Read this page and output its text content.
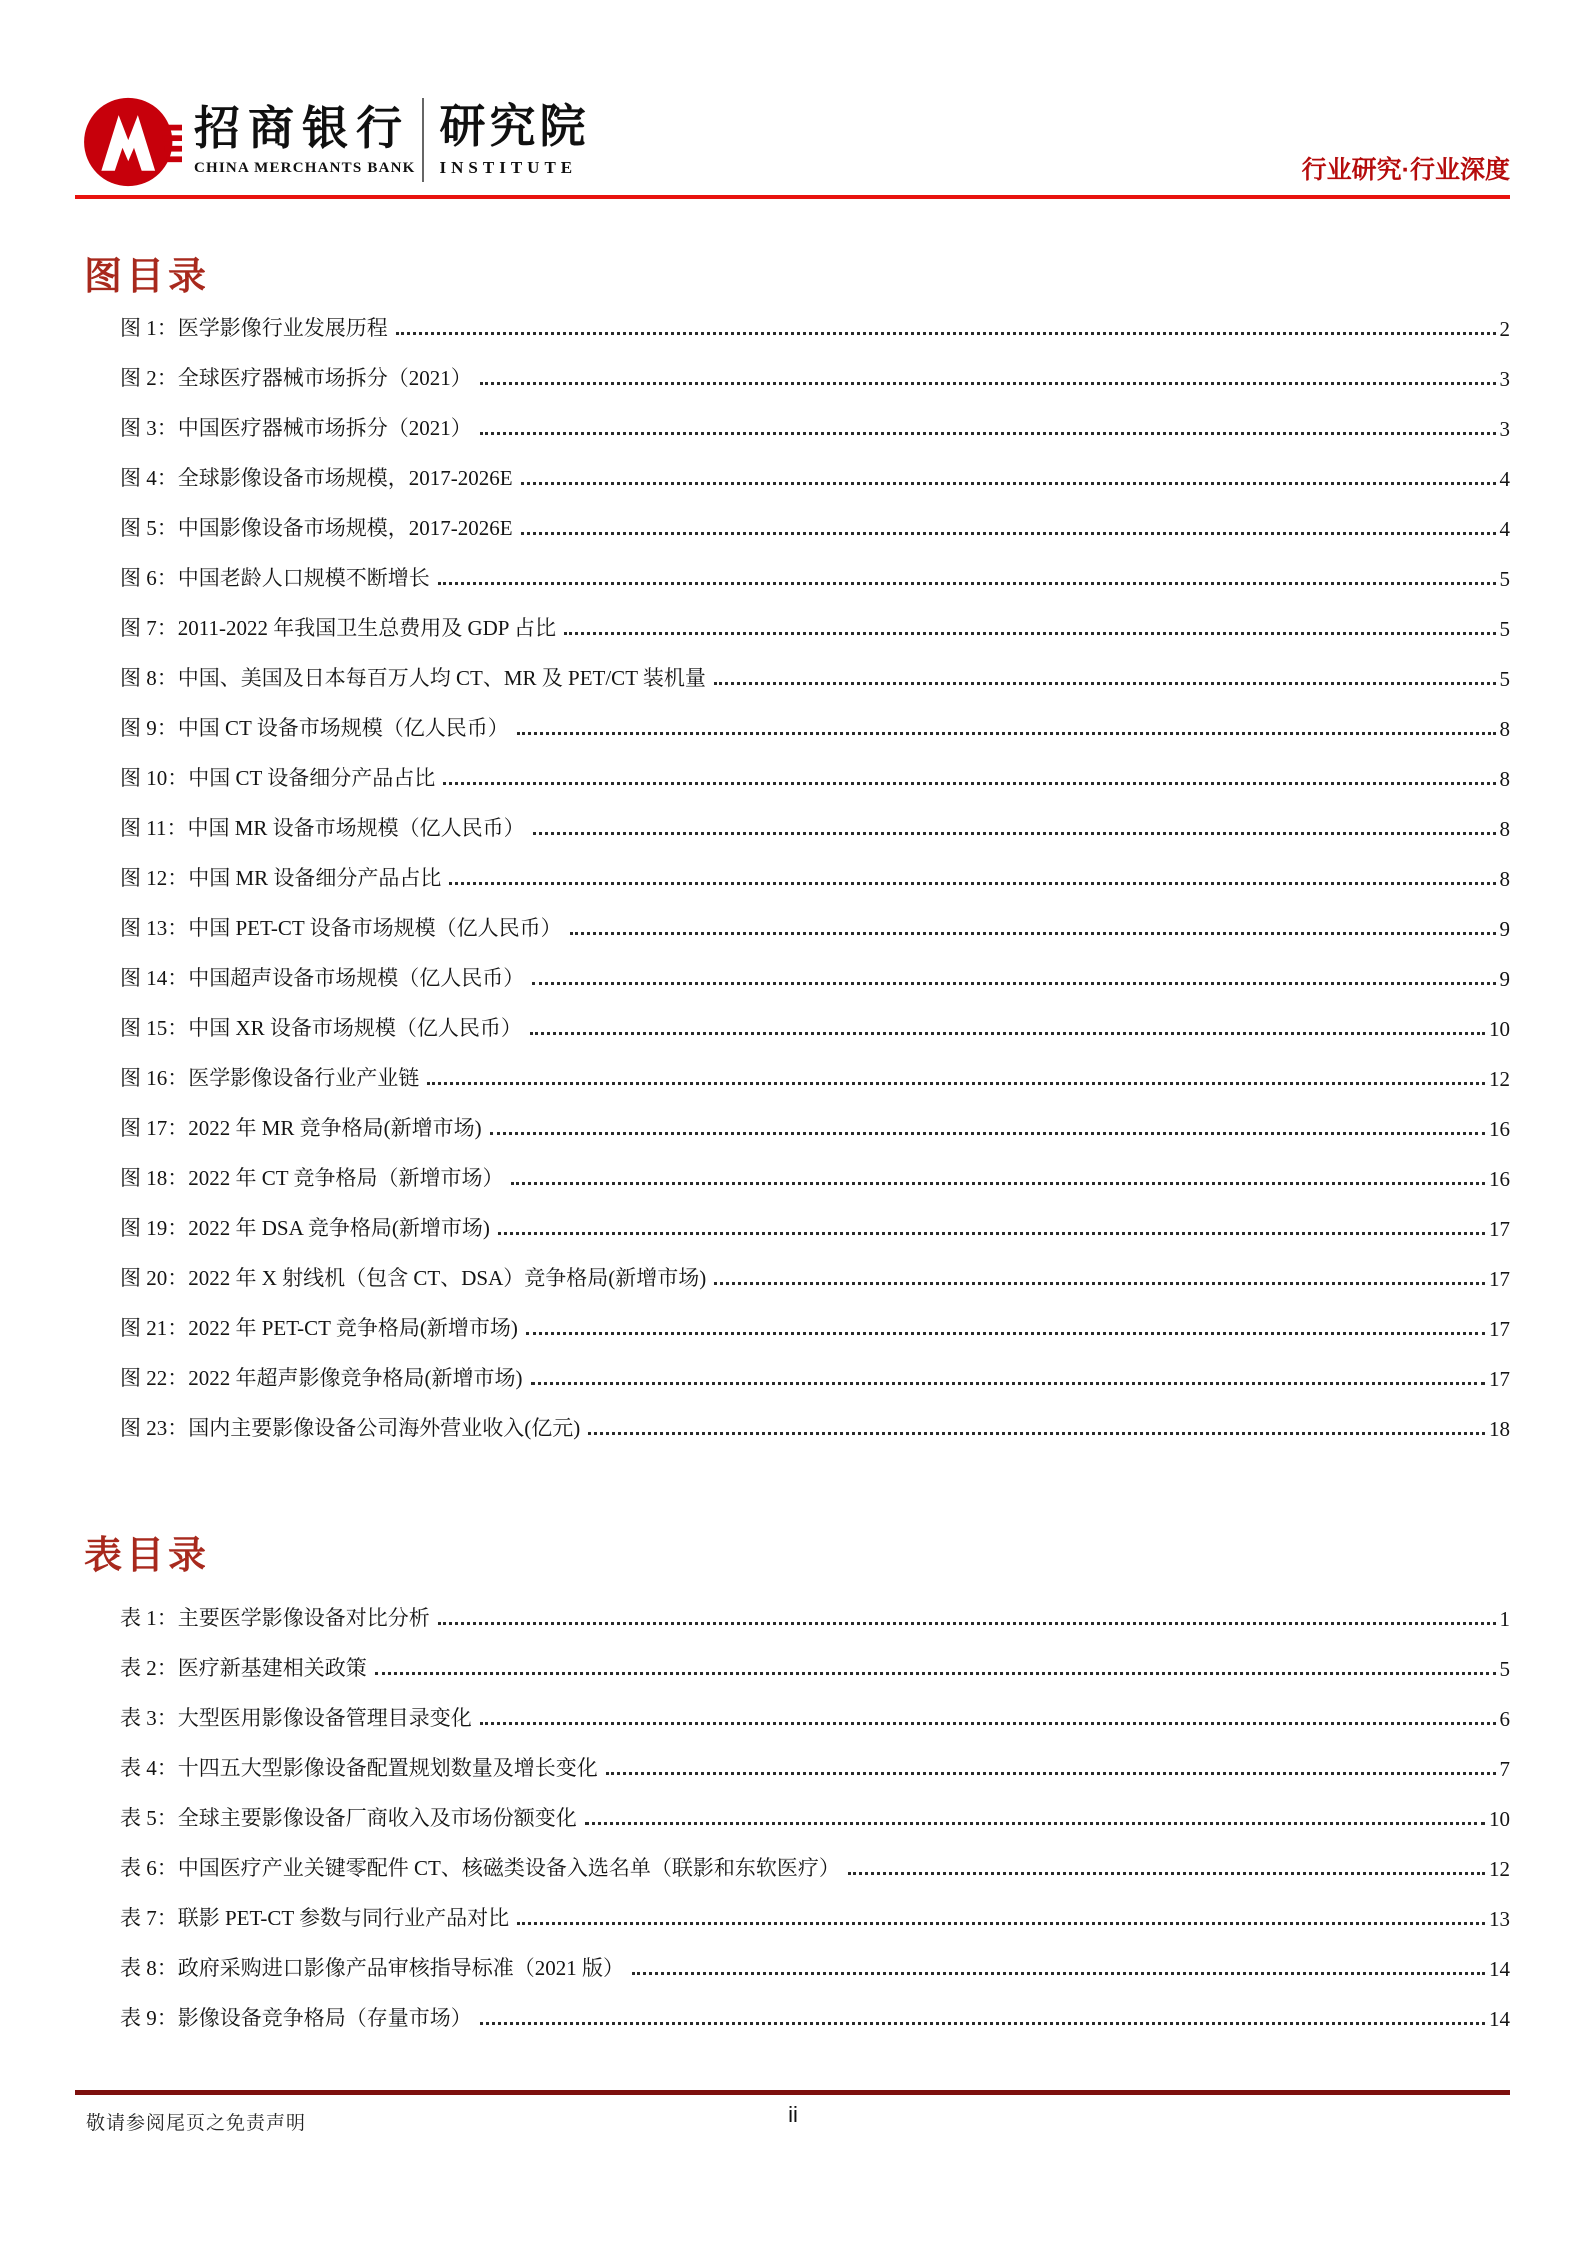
招商银行
CHINA MERCHANTS BANK
研究院
INSTITUTE	行业研究·行业深度
图目录
图 1：医学影像行业发展历程	2
图 2：全球医疗器械市场拆分（2021）	3
图 3：中国医疗器械市场拆分（2021）	3
图 4：全球影像设备市场规模，2017-2026E	4
图 5：中国影像设备市场规模，2017-2026E	4
图 6：中国老龄人口规模不断增长	5
图 7：2011-2022 年我国卫生总费用及 GDP 占比	5
图 8：中国、美国及日本每百万人均 CT、MR 及 PET/CT 装机量	5
图 9：中国 CT 设备市场规模（亿人民币）	8
图 10：中国 CT 设备细分产品占比	8
图 11：中国 MR 设备市场规模（亿人民币）	8
图 12：中国 MR 设备细分产品占比	8
图 13：中国 PET-CT 设备市场规模（亿人民币）	9
图 14：中国超声设备市场规模（亿人民币）	9
图 15：中国 XR 设备市场规模（亿人民币）	10
图 16：医学影像设备行业产业链	12
图 17：2022 年 MR 竞争格局(新增市场)	16
图 18：2022 年 CT 竞争格局（新增市场）	16
图 19：2022 年 DSA 竞争格局(新增市场)	17
图 20：2022 年 X 射线机（包含 CT、DSA）竞争格局(新增市场)	17
图 21：2022 年 PET-CT 竞争格局(新增市场)	17
图 22：2022 年超声影像竞争格局(新增市场)	17
图 23：国内主要影像设备公司海外营业收入(亿元)	18
表目录
表 1：主要医学影像设备对比分析	1
表 2：医疗新基建相关政策	5
表 3：大型医用影像设备管理目录变化	6
表 4：十四五大型影像设备配置规划数量及增长变化	7
表 5：全球主要影像设备厂商收入及市场份额变化	10
表 6：中国医疗产业关键零配件 CT、核磁类设备入选名单（联影和东软医疗）	12
表 7：联影 PET-CT 参数与同行业产品对比	13
表 8：政府采购进口影像产品审核指导标准（2021 版）	14
表 9：影像设备竞争格局（存量市场）	14
敬请参阅尾页之免责声明	ii
